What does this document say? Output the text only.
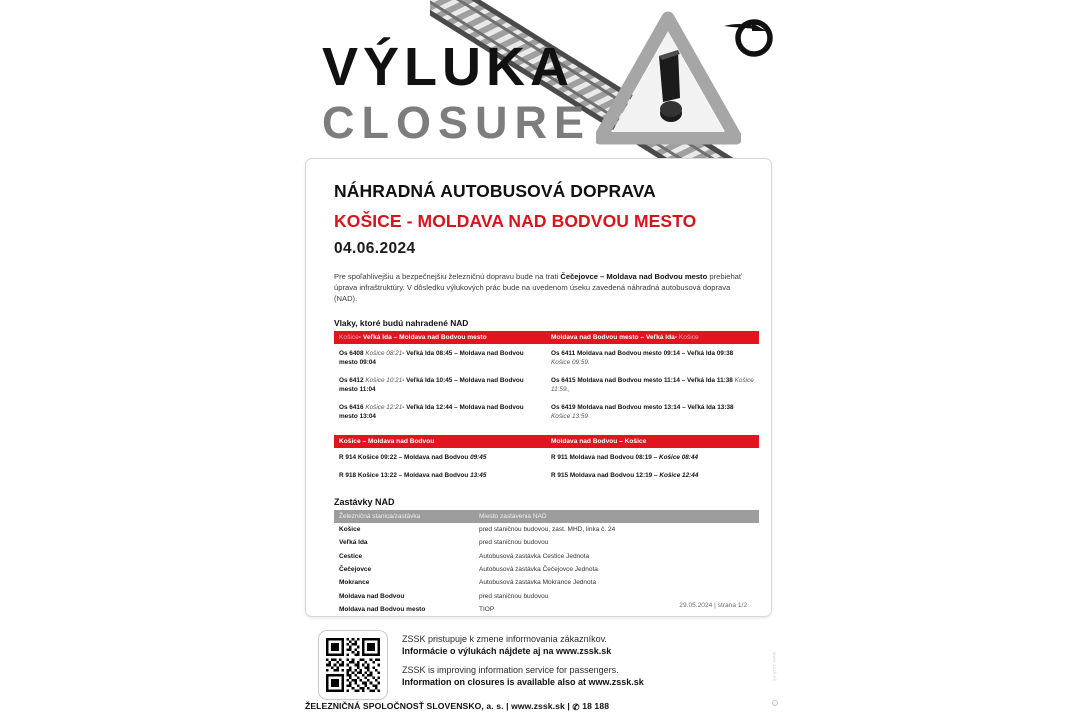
VÝLUKA
CLOSURE
NÁHRADNÁ AUTOBUSOVÁ DOPRAVA
KOŠICE - MOLDAVA NAD BODVOU MESTO
04.06.2024

Pre spoľahlivejšiu a bezpečnejšiu železničnú dopravu bude na trati Čečejovce – Moldava nad Bodvou mesto prebiehať úprava infraštruktúry. V dôsledku výlukových prác bude na uvedenom úseku zavedená náhradná autobusová doprava (NAD).

Vlaky, ktoré budú nahradené NAD
Košice- Veľká Ida – Moldava nad Bodvou mesto	Moldava nad Bodvou mesto – Veľká Ida- Košice
Os 6408 Košice 08:21- Veľká Ida 08:45 – Moldava nad Bodvou mesto 09:04	Os 6411 Moldava nad Bodvou mesto 09:14 – Veľká Ida 09:38 Košice 09:59.
Os 6412 Košice 10:21- Veľká Ida 10:45 – Moldava nad Bodvou mesto 11:04	Os 6415 Moldava nad Bodvou mesto 11:14 – Veľká Ida 11:38 Košice 11:59.,
Os 6416 Košice 12:21- Veľká Ida 12:44 – Moldava nad Bodvou mesto 13:04	Os 6419 Moldava nad Bodvou mesto 13:14 – Veľká Ida 13:38 Košice 13:59
Košice – Moldava nad Bodvou	Moldava nad Bodvou – Košice
R 914 Košice 09:22 – Moldava nad Bodvou 09:45	R 911 Moldava nad Bodvou 08:19 – Košice 08:44
R 918 Košice 13:22 – Moldava nad Bodvou 13:45	R 915 Moldava nad Bodvou 12:19 – Košice 12:44
Zastávky NAD
Železničná stanica/zastávka	Miesto zastavenia NAD
Košice	pred staničnou budovou, zast. MHD, linka č. 24
Veľká Ida	pred staničnou budovou
Cestice	Autobusová zastávka Cestice Jednota
Čečejovce	Autobusová zastávka Čečejovce Jednota
Mokrance	Autobusová zastávka Mokrance Jednota
Moldava nad Bodvou	pred staničnou budovou
Moldava nad Bodvou mesto	TIOP
29.05.2024 | strana 1/2
ZSSK pristupuje k zmene informovania zákazníkov.
Informácie o výlukách nájdete aj na www.zssk.sk
ZSSK is improving information service for passengers.
Information on closures is available also at www.zssk.sk
ŽELEZNIČNÁ SPOLOČNOSŤ SLOVENSKO, a. s. | www.zssk.sk | ✆ 18 188
www.zssk.sk
©
